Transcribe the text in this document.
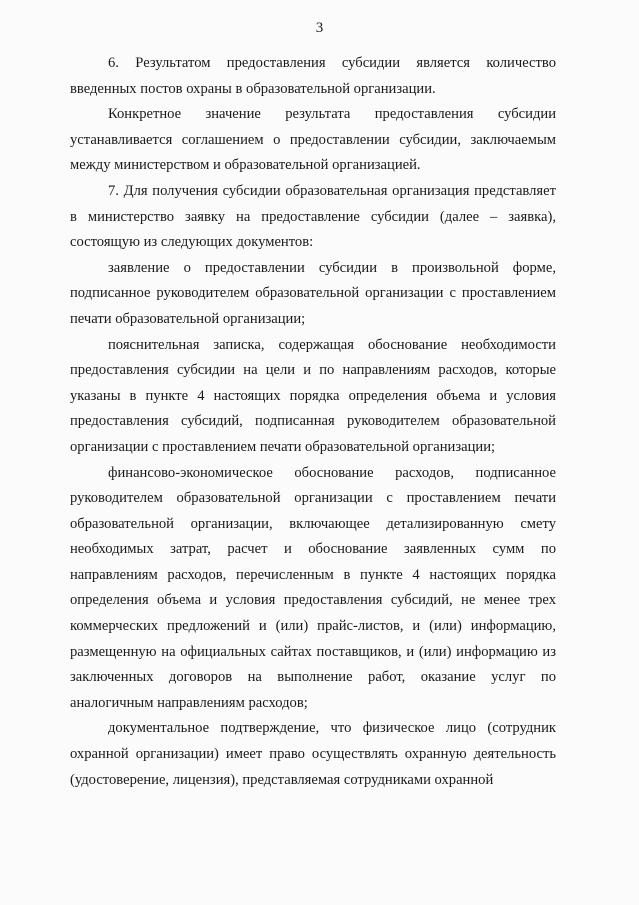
3

6. Результатом предоставления субсидии является количество введенных постов охраны в образовательной организации.

Конкретное значение результата предоставления субсидии устанавливается соглашением о предоставлении субсидии, заключаемым между министерством и образовательной организацией.

7. Для получения субсидии образовательная организация представляет в министерство заявку на предоставление субсидии (далее – заявка), состоящую из следующих документов:

заявление о предоставлении субсидии в произвольной форме, подписанное руководителем образовательной организации с проставлением печати образовательной организации;

пояснительная записка, содержащая обоснование необходимости предоставления субсидии на цели и по направлениям расходов, которые указаны в пункте 4 настоящих порядка определения объема и условия предоставления субсидий, подписанная руководителем образовательной организации с проставлением печати образовательной организации;

финансово-экономическое обоснование расходов, подписанное руководителем образовательной организации с проставлением печати образовательной организации, включающее детализированную смету необходимых затрат, расчет и обоснование заявленных сумм по направлениям расходов, перечисленным в пункте 4 настоящих порядка определения объема и условия предоставления субсидий, не менее трех коммерческих предложений и (или) прайс-листов, и (или) информацию, размещенную на официальных сайтах поставщиков, и (или) информацию из заключенных договоров на выполнение работ, оказание услуг по аналогичным направлениям расходов;

документальное подтверждение, что физическое лицо (сотрудник охранной организации) имеет право осуществлять охранную деятельность (удостоверение, лицензия), представляемая сотрудниками охранной
